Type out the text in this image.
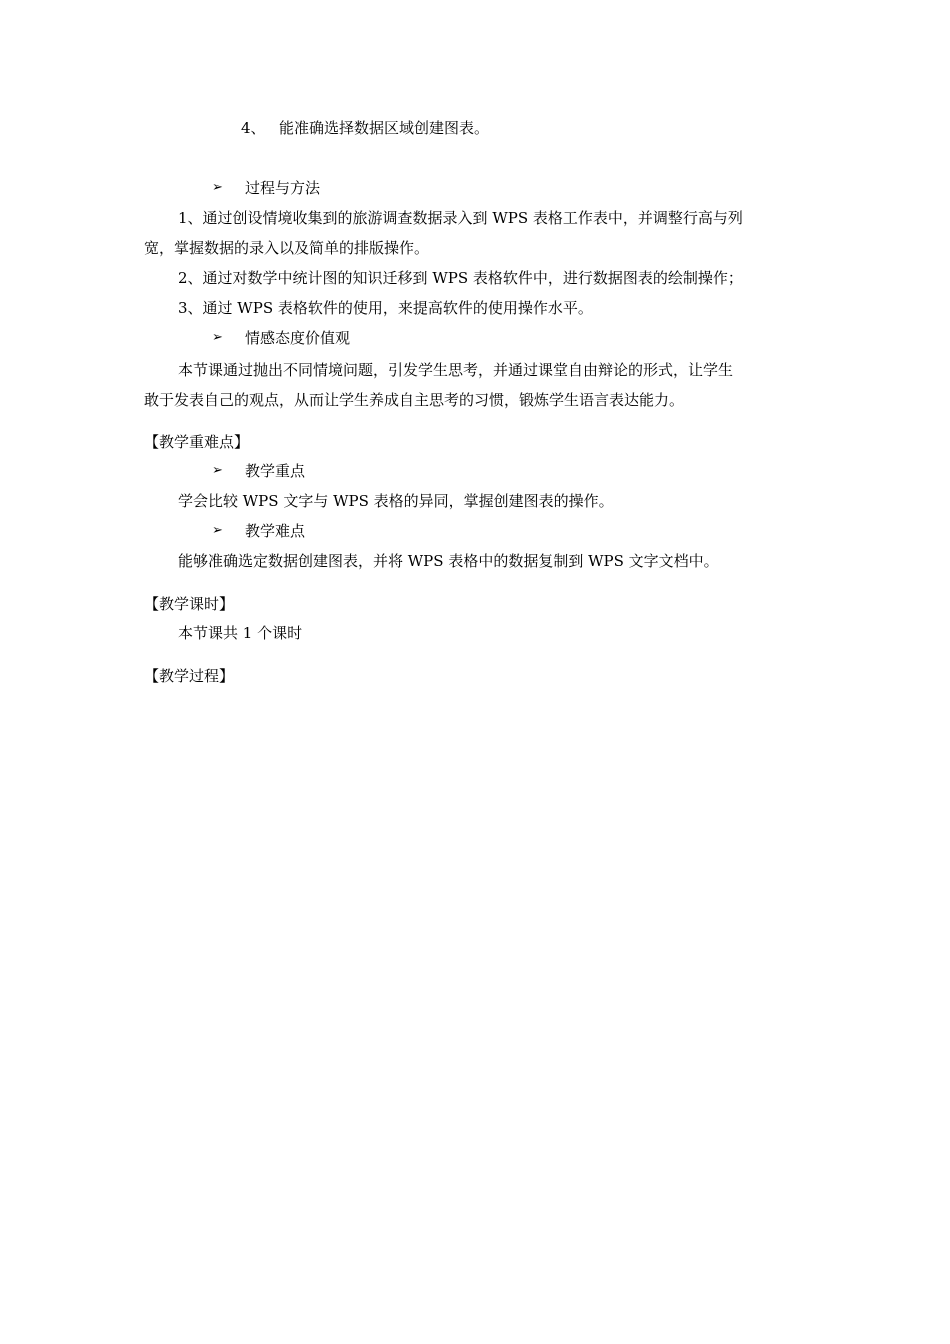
4、 能准确选择数据区域创建图表。
➢ 过程与方法
1、通过创设情境收集到的旅游调查数据录入到 WPS 表格工作表中，并调整行高与列
宽，掌握数据的录入以及简单的排版操作。
2、通过对数学中统计图的知识迁移到 WPS 表格软件中，进行数据图表的绘制操作；
3、通过 WPS 表格软件的使用，来提高软件的使用操作水平。
➢ 情感态度价值观
本节课通过抛出不同情境问题，引发学生思考，并通过课堂自由辩论的形式，让学生
敢于发表自己的观点，从而让学生养成自主思考的习惯，锻炼学生语言表达能力。
【教学重难点】
➢ 教学重点
学会比较 WPS 文字与 WPS 表格的异同，掌握创建图表的操作。
➢ 教学难点
能够准确选定数据创建图表，并将 WPS 表格中的数据复制到 WPS 文字文档中。
【教学课时】
本节课共 1 个课时
【教学过程】
